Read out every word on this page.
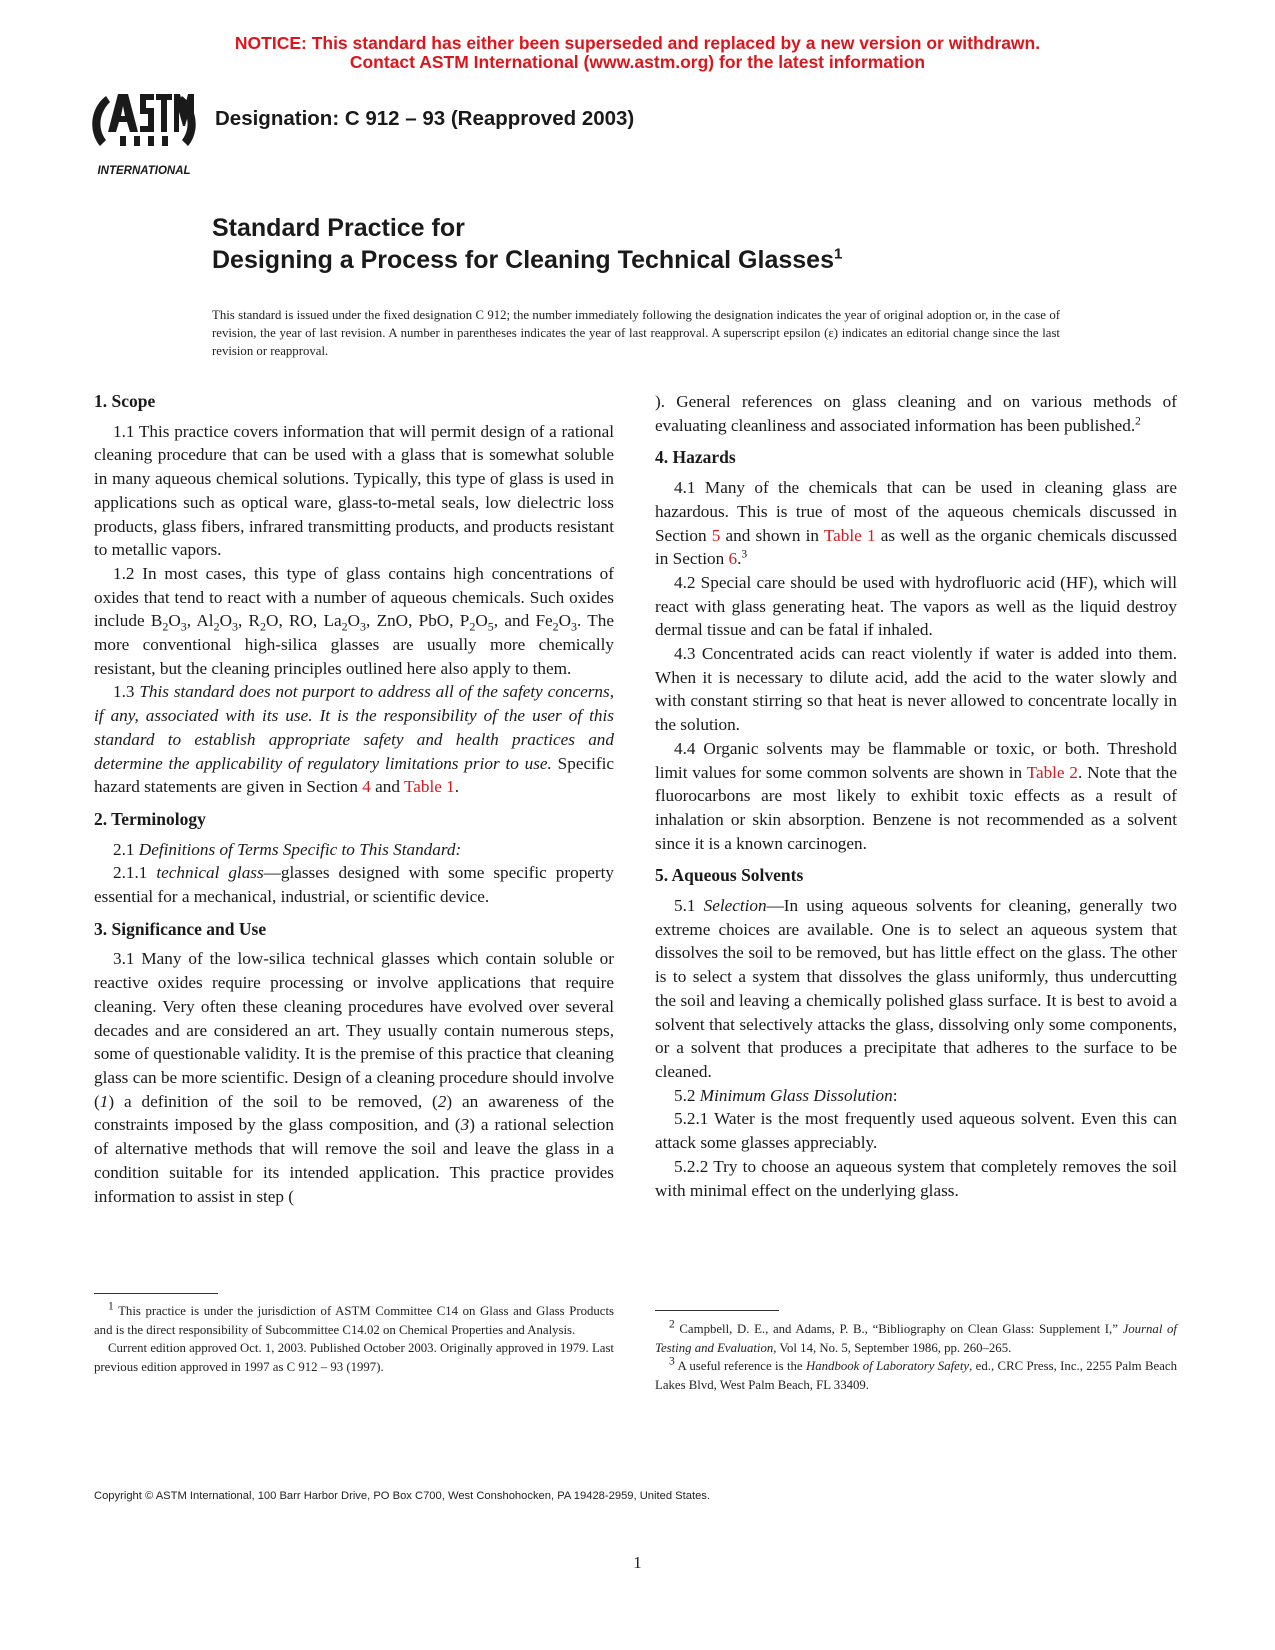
NOTICE: This standard has either been superseded and replaced by a new version or withdrawn.
Contact ASTM International (www.astm.org) for the latest information
INTERNATIONAL
Designation: C 912 – 93 (Reapproved 2003)
Standard Practice for
Designing a Process for Cleaning Technical Glasses$^1$
This standard is issued under the fixed designation C 912; the number immediately following the designation indicates the year of original adoption or, in the case of revision, the year of last revision. A number in parentheses indicates the year of last reapproval. A superscript epsilon (ε) indicates an editorial change since the last revision or reapproval.
1. Scope

1.1 This practice covers information that will permit design of a rational cleaning procedure that can be used with a glass that is somewhat soluble in many aqueous chemical solutions. Typically, this type of glass is used in applications such as optical ware, glass-to-metal seals, low dielectric loss products, glass fibers, infrared transmitting products, and products resistant to metallic vapors.

1.2 In most cases, this type of glass contains high concentrations of oxides that tend to react with a number of aqueous chemicals. Such oxides include $B_2O_3$, $Al_2O_3$, $R_2O$, RO, $La_2O_3$, ZnO, PbO, $P_2O_5$, and $Fe_2O_3$. The more conventional high-silica glasses are usually more chemically resistant, but the cleaning principles outlined here also apply to them.

1.3 This standard does not purport to address all of the safety concerns, if any, associated with its use. It is the responsibility of the user of this standard to establish appropriate safety and health practices and determine the applicability of regulatory limitations prior to use. Specific hazard statements are given in Section 4 and Table 1.

2. Terminology

2.1 Definitions of Terms Specific to This Standard:

2.1.1 technical glass—glasses designed with some specific property essential for a mechanical, industrial, or scientific device.

3. Significance and Use

3.1 Many of the low-silica technical glasses which contain soluble or reactive oxides require processing or involve applications that require cleaning. Very often these cleaning procedures have evolved over several decades and are considered an art. They usually contain numerous steps, some of questionable validity. It is the premise of this practice that cleaning glass can be more scientific. Design of a cleaning procedure should involve (1) a definition of the soil to be removed, (2) an awareness of the constraints imposed by the glass composition, and (3) a rational selection of alternative methods that will remove the soil and leave the glass in a condition suitable for its intended application. This practice provides information to assist in step (

$^1$ This practice is under the jurisdiction of ASTM Committee C14 on Glass and Glass Products and is the direct responsibility of Subcommittee C14.02 on Chemical Properties and Analysis.

Current edition approved Oct. 1, 2003. Published October 2003. Originally approved in 1979. Last previous edition approved in 1997 as C 912 – 93 (1997).

). General references on glass cleaning and on various methods of evaluating cleanliness and associated information has been published.$^2$

4. Hazards

4.1 Many of the chemicals that can be used in cleaning glass are hazardous. This is true of most of the aqueous chemicals discussed in Section 5 and shown in Table 1 as well as the organic chemicals discussed in Section 6.$^3$

4.2 Special care should be used with hydrofluoric acid (HF), which will react with glass generating heat. The vapors as well as the liquid destroy dermal tissue and can be fatal if inhaled.

4.3 Concentrated acids can react violently if water is added into them. When it is necessary to dilute acid, add the acid to the water slowly and with constant stirring so that heat is never allowed to concentrate locally in the solution.

4.4 Organic solvents may be flammable or toxic, or both. Threshold limit values for some common solvents are shown in Table 2. Note that the fluorocarbons are most likely to exhibit toxic effects as a result of inhalation or skin absorption. Benzene is not recommended as a solvent since it is a known carcinogen.

5. Aqueous Solvents

5.1 Selection—In using aqueous solvents for cleaning, generally two extreme choices are available. One is to select an aqueous system that dissolves the soil to be removed, but has little effect on the glass. The other is to select a system that dissolves the glass uniformly, thus undercutting the soil and leaving a chemically polished glass surface. It is best to avoid a solvent that selectively attacks the glass, dissolving only some components, or a solvent that produces a precipitate that adheres to the surface to be cleaned.

5.2 Minimum Glass Dissolution:

5.2.1 Water is the most frequently used aqueous solvent. Even this can attack some glasses appreciably.

5.2.2 Try to choose an aqueous system that completely removes the soil with minimal effect on the underlying glass.

$^2$ Campbell, D. E., and Adams, P. B., “Bibliography on Clean Glass: Supplement I,” Journal of Testing and Evaluation, Vol 14, No. 5, September 1986, pp. 260–265.

$^3$ A useful reference is the Handbook of Laboratory Safety, ed., CRC Press, Inc., 2255 Palm Beach Lakes Blvd, West Palm Beach, FL 33409.

Copyright © ASTM International, 100 Barr Harbor Drive, PO Box C700, West Conshohocken, PA 19428-2959, United States.
1
